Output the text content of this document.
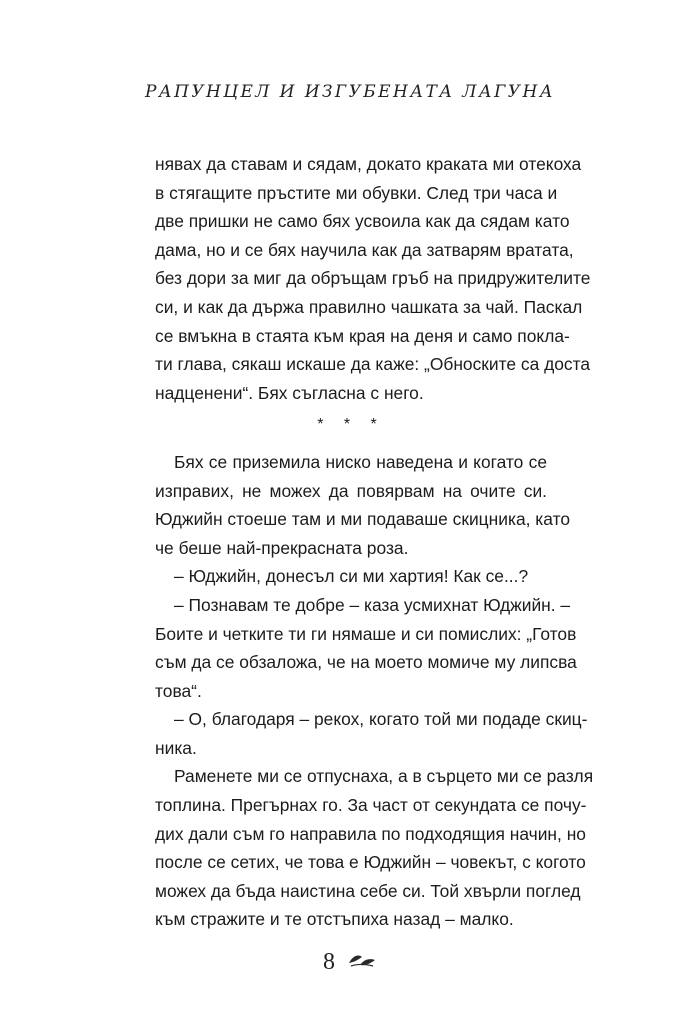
РАПУНЦЕЛ И ИЗГУБЕНАТА ЛАГУНА
нявах да ставам и сядам, докато краката ми отекоха
в стягащите пръстите ми обувки. След три часа и
две пришки не само бях усвоила как да сядам като
дама, но и се бях научила как да затварям вратата,
без дори за миг да обръщам гръб на придружителите
си, и как да държа правилно чашката за чай. Паскал
се вмъкна в стаята към края на деня и само покла-
ти глава, сякаш искаше да каже: „Обноските са доста
надценени“. Бях съгласна с него.
* * *
Бях се приземила ниско наведена и когато се
изправих, не можех да повярвам на очите си.
Юджийн стоеше там и ми подаваше скицника, като
че беше най-прекрасната роза.
– Юджийн, донесъл си ми хартия! Как се...?
– Познавам те добре – каза усмихнат Юджийн. –
Боите и четките ти ги нямаше и си помислих: „Готов
съм да се обзаложа, че на моето момиче му липсва
това“.
– О, благодаря – рекох, когато той ми подаде скиц-
ника.
Раменете ми се отпуснаха, а в сърцето ми се разля
топлина. Прегърнах го. За част от секундата се почу-
дих дали съм го направила по подходящия начин, но
после се сетих, че това е Юджийн – човекът, с когото
можех да бъда наистина себе си. Той хвърли поглед
към стражите и те отстъпиха назад – малко.
8
